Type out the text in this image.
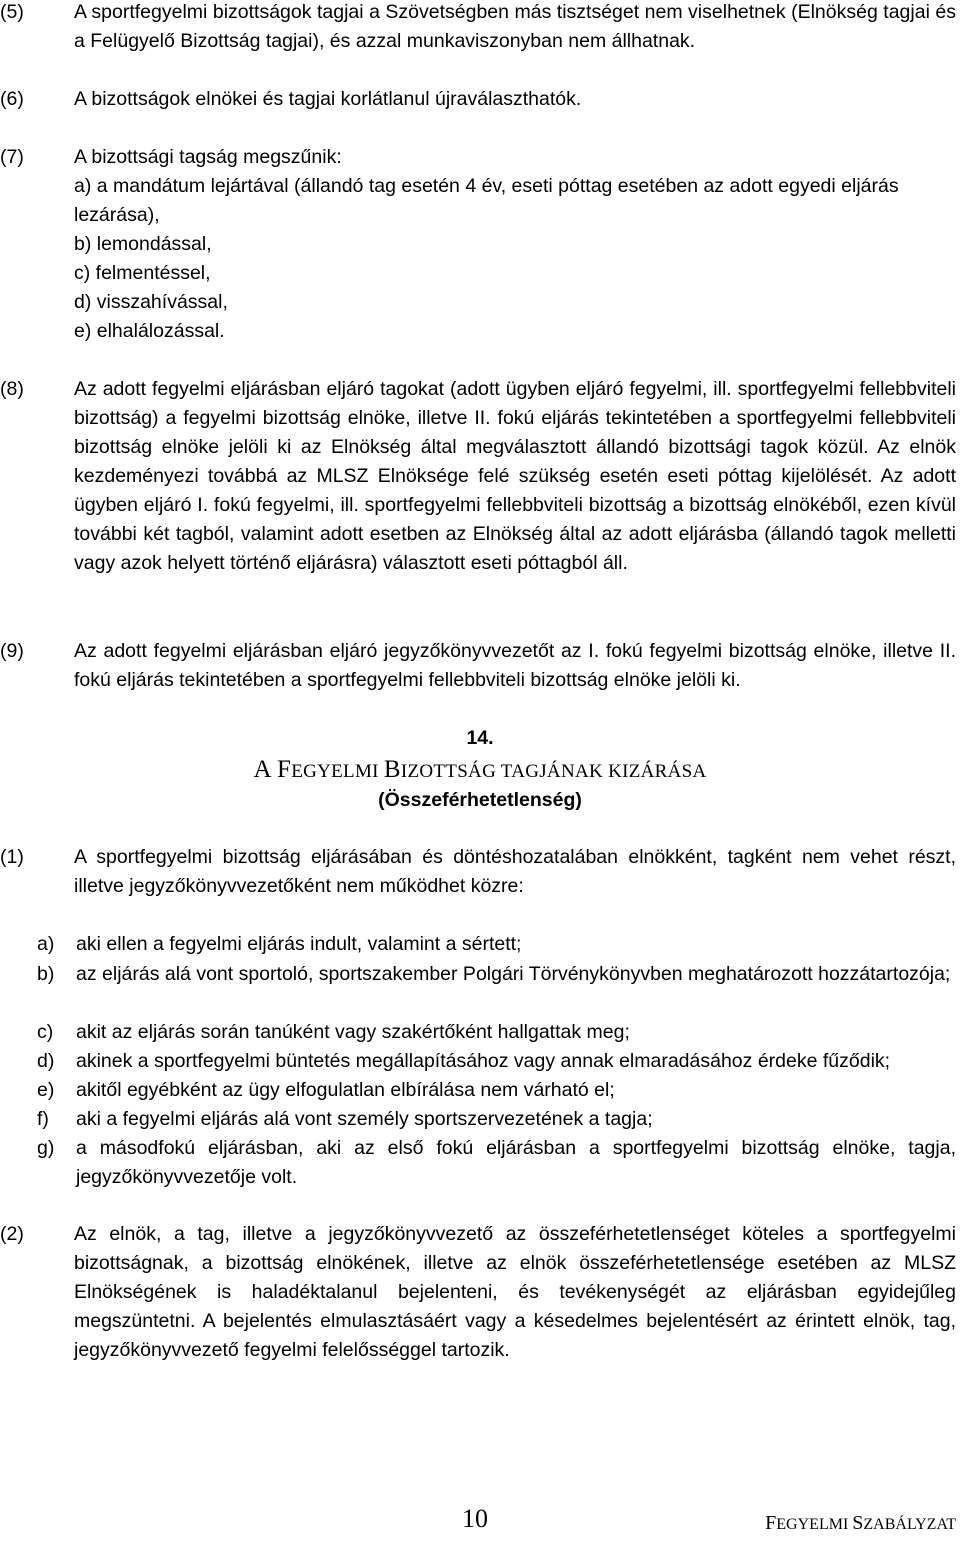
(5)	A sportfegyelmi bizottságok tagjai a Szövetségben más tisztséget nem viselhetnek (Elnökség tagjai és a Felügyelő Bizottság tagjai), és azzal munkaviszonyban nem állhatnak.
(6)	A bizottságok elnökei és tagjai korlátlanul újraválaszthatók.
(7)	A bizottsági tagság megszűnik:
a) a mandátum lejártával (állandó tag esetén 4 év, eseti póttag esetében az adott egyedi eljárás lezárása),
b) lemondással,
c) felmentéssel,
d) visszahívással,
e) elhalálozással.
(8)	Az adott fegyelmi eljárásban eljáró tagokat (adott ügyben eljáró fegyelmi, ill. sportfegyelmi fellebbviteli bizottság) a fegyelmi bizottság elnöke, illetve II. fokú eljárás tekintetében a sportfegyelmi fellebbviteli bizottság elnöke jelöli ki az Elnökség által megválasztott állandó bizottsági tagok közül. Az elnök kezdeményezi továbbá az MLSZ Elnöksége felé szükség esetén eseti póttag kijelölését. Az adott ügyben eljáró I. fokú fegyelmi, ill. sportfegyelmi fellebbviteli bizottság a bizottság elnökéből, ezen kívül további két tagból, valamint adott esetben az Elnökség által az adott eljárásba (állandó tagok melletti vagy azok helyett történő eljárásra) választott eseti póttagból áll.
(9)	Az adott fegyelmi eljárásban eljáró jegyzőkönyvvezetőt az I. fokú fegyelmi bizottság elnöke, illetve II. fokú eljárás tekintetében a sportfegyelmi fellebbviteli bizottság elnöke jelöli ki.
14.
A FEGYELMI BIZOTTSÁG TAGJÁNAK KIZÁRÁSA
(Összeférhetetlenség)
(1)	A sportfegyelmi bizottság eljárásában és döntéshozatalában elnökként, tagként nem vehet részt, illetve jegyzőkönyvvezetőként nem működhet közre:
a) aki ellen a fegyelmi eljárás indult, valamint a sértett;
b) az eljárás alá vont sportoló, sportszakember Polgári Törvénykönyvben meghatározott hozzátartozója;
c) akit az eljárás során tanúként vagy szakértőként hallgattak meg;
d) akinek a sportfegyelmi büntetés megállapításához vagy annak elmaradásához érdeke fűződik;
e) akitől egyébként az ügy elfogulatlan elbírálása nem várható el;
f) aki a fegyelmi eljárás alá vont személy sportszervezetének a tagja;
g) a másodfokú eljárásban, aki az első fokú eljárásban a sportfegyelmi bizottság elnöke, tagja, jegyzőkönyvvezetője volt.
(2)	Az elnök, a tag, illetve a jegyzőkönyvvezető az összeférhetetlenséget köteles a sportfegyelmi bizottságnak, a bizottság elnökének, illetve az elnök összeférhetetlensége esetében az MLSZ Elnökségének is haladéktalanul bejelenteni, és tevékenységét az eljárásban egyidejűleg megszüntetni. A bejelentés elmulasztásáért vagy a késedelmes bejelentésért az érintett elnök, tag, jegyzőkönyvvezető fegyelmi felelősséggel tartozik.
10	FEGYELMI SZABÁLYZAT
